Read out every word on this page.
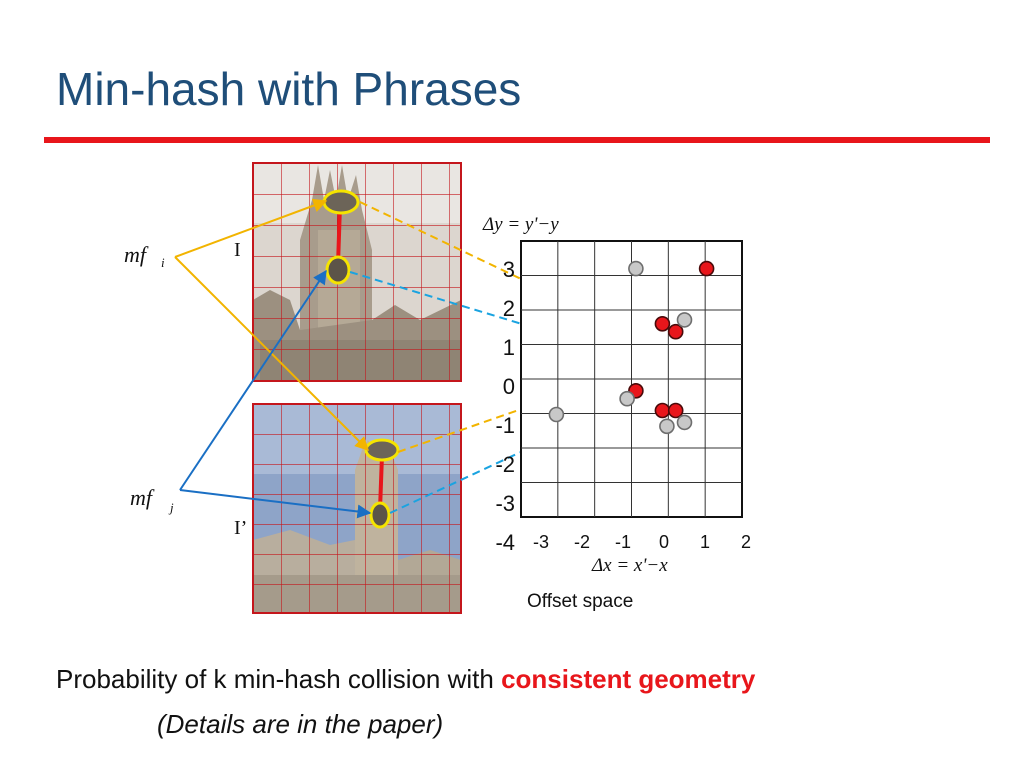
Min-hash with Phrases
mf i
mf j
I
I’
3
2
1
0
-1
-2
-3
-4 -3 -2 -1 0 1 2
Δy = y'−y
Δx = x'−x
Offset space
Probability of k min-hash collision with consistent geometry
(Details are in the paper)
